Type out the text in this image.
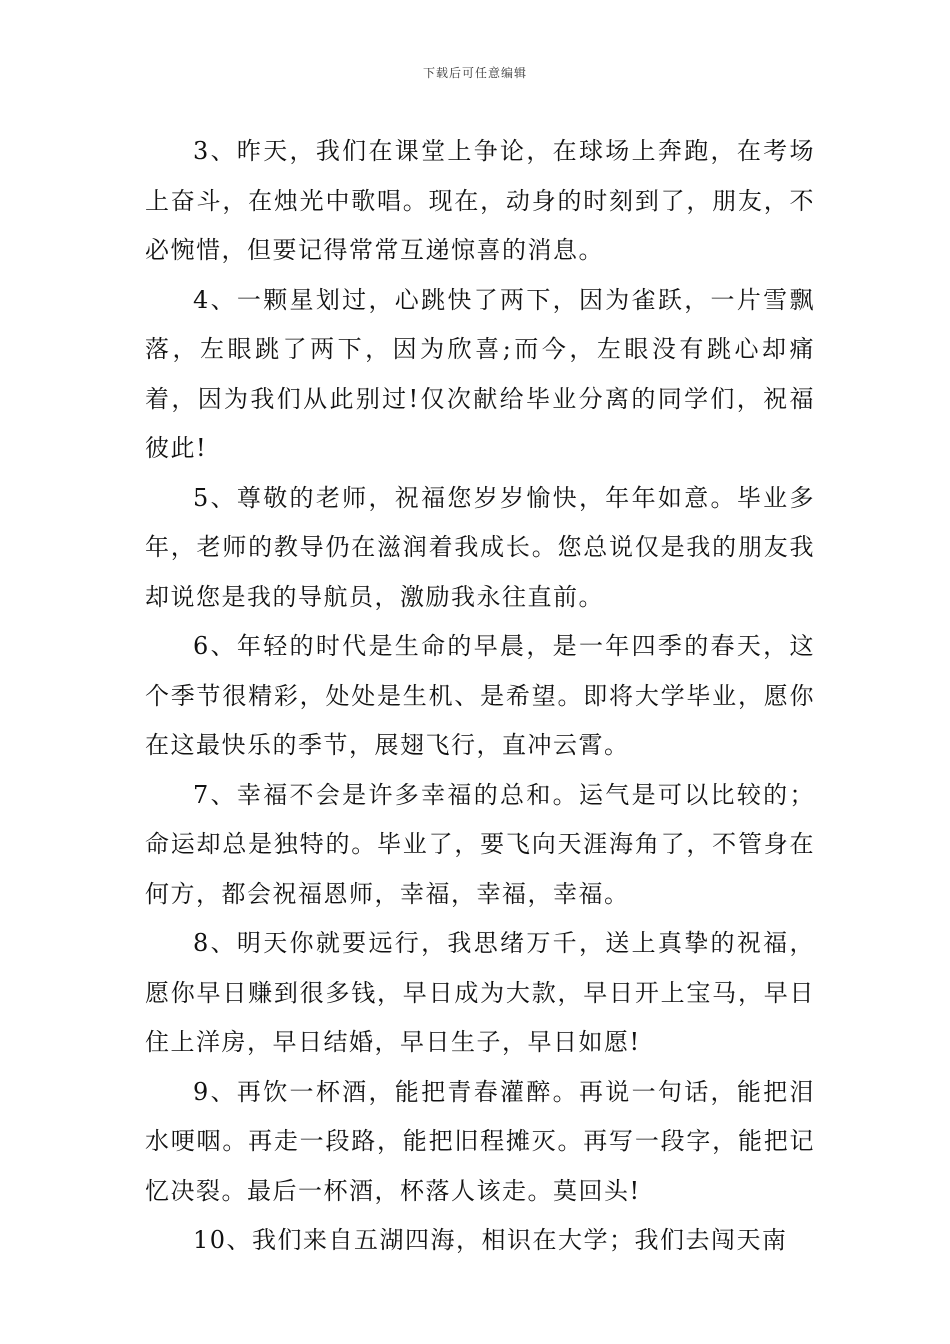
下载后可任意编辑

3、昨天，我们在课堂上争论，在球场上奔跑，在考场上奋斗，在烛光中歌唱。现在，动身的时刻到了，朋友，不必惋惜，但要记得常常互递惊喜的消息。

4、一颗星划过，心跳快了两下，因为雀跃，一片雪飘落，左眼跳了两下，因为欣喜;而今，左眼没有跳心却痛着，因为我们从此别过!仅次献给毕业分离的同学们，祝福彼此!

5、尊敬的老师，祝福您岁岁愉快，年年如意。毕业多年，老师的教导仍在滋润着我成长。您总说仅是我的朋友我却说您是我的导航员，激励我永往直前。

6、年轻的时代是生命的早晨，是一年四季的春天，这个季节很精彩，处处是生机、是希望。即将大学毕业，愿你在这最快乐的季节，展翅飞行，直冲云霄。

7、幸福不会是许多幸福的总和。运气是可以比较的；命运却总是独特的。毕业了，要飞向天涯海角了，不管身在何方，都会祝福恩师，幸福，幸福，幸福。

8、明天你就要远行，我思绪万千，送上真挚的祝福，愿你早日赚到很多钱，早日成为大款，早日开上宝马，早日住上洋房，早日结婚，早日生子，早日如愿!

9、再饮一杯酒，能把青春灌醉。再说一句话，能把泪水哽咽。再走一段路，能把旧程摊灭。再写一段字，能把记忆决裂。最后一杯酒，杯落人该走。莫回头!

10、我们来自五湖四海，相识在大学；我们去闯天南
